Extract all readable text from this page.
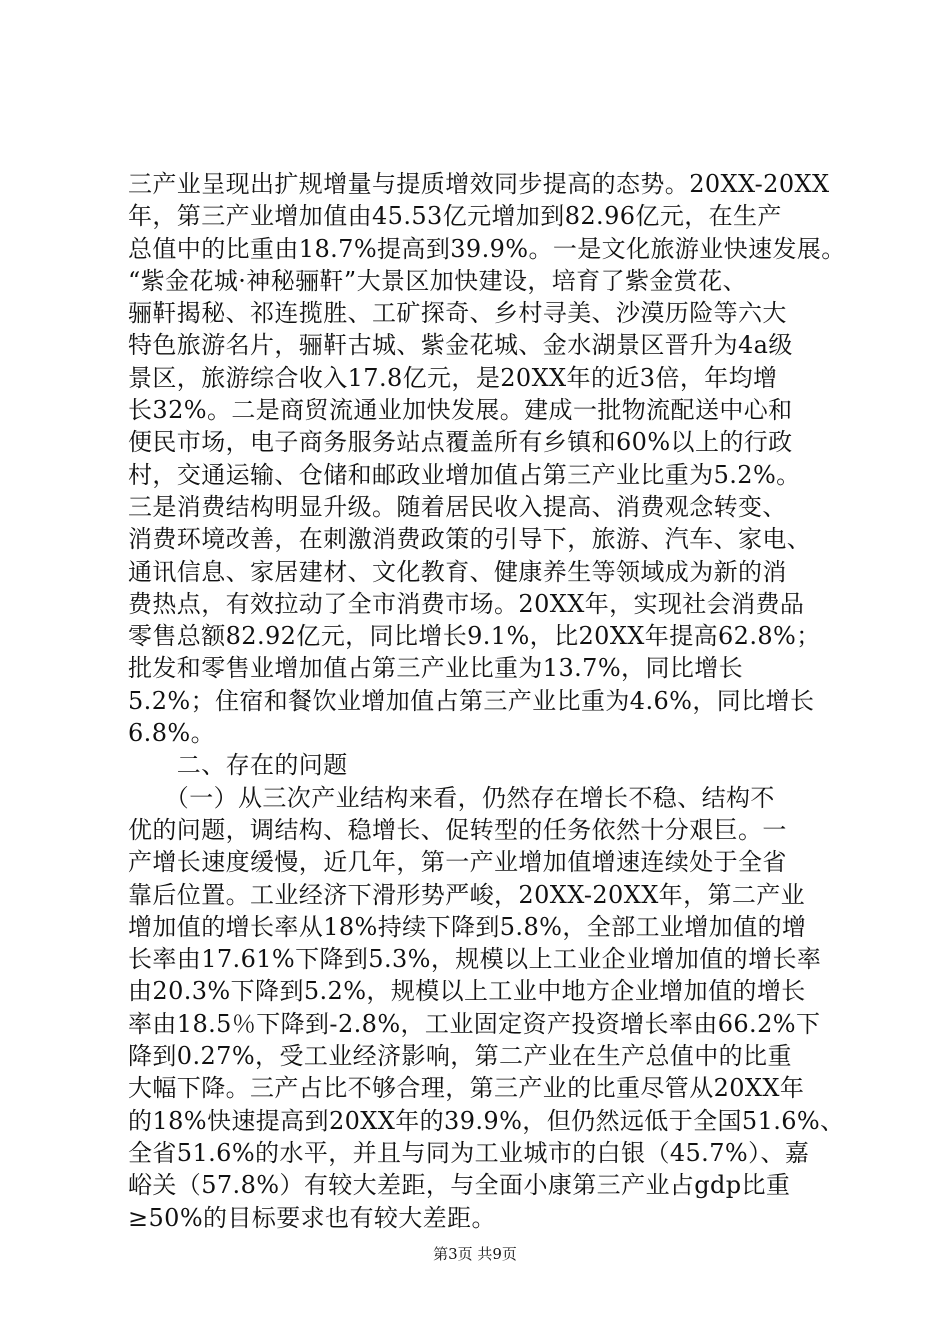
三产业呈现出扩规增量与提质增效同步提高的态势。20XX-20XX
年，第三产业增加值由45.53亿元增加到82.96亿元，在生产
总值中的比重由18.7%提高到39.9%。一是文化旅游业快速发展。
“紫金花城·神秘骊靬”大景区加快建设，培育了紫金赏花、
骊靬揭秘、祁连揽胜、工矿探奇、乡村寻美、沙漠历险等六大
特色旅游名片，骊靬古城、紫金花城、金水湖景区晋升为4a级
景区，旅游综合收入17.8亿元，是20XX年的近3倍，年均增
长32%。二是商贸流通业加快发展。建成一批物流配送中心和
便民市场，电子商务服务站点覆盖所有乡镇和60%以上的行政
村，交通运输、仓储和邮政业增加值占第三产业比重为5.2%。
三是消费结构明显升级。随着居民收入提高、消费观念转变、
消费环境改善，在刺激消费政策的引导下，旅游、汽车、家电、
通讯信息、家居建材、文化教育、健康养生等领域成为新的消
费热点，有效拉动了全市消费市场。20XX年，实现社会消费品
零售总额82.92亿元，同比增长9.1%，比20XX年提高62.8%；
批发和零售业增加值占第三产业比重为13.7%，同比增长
5.2%；住宿和餐饮业增加值占第三产业比重为4.6%，同比增长
6.8%。
　　二、存在的问题
　　（一）从三次产业结构来看，仍然存在增长不稳、结构不
优的问题，调结构、稳增长、促转型的任务依然十分艰巨。一
产增长速度缓慢，近几年，第一产业增加值增速连续处于全省
靠后位置。工业经济下滑形势严峻，20XX-20XX年，第二产业
增加值的增长率从18%持续下降到5.8%，全部工业增加值的增
长率由17.61%下降到5.3%，规模以上工业企业增加值的增长率
由20.3%下降到5.2%，规模以上工业中地方企业增加值的增长
率由18.5％下降到-2.8%，工业固定资产投资增长率由66.2%下
降到0.27%，受工业经济影响，第二产业在生产总值中的比重
大幅下降。三产占比不够合理，第三产业的比重尽管从20XX年
的18%快速提高到20XX年的39.9%，但仍然远低于全国51.6%、
全省51.6%的水平，并且与同为工业城市的白银（45.7%）、嘉
峪关（57.8%）有较大差距，与全面小康第三产业占gdp比重
≥50%的目标要求也有较大差距。
第3页 共9页
